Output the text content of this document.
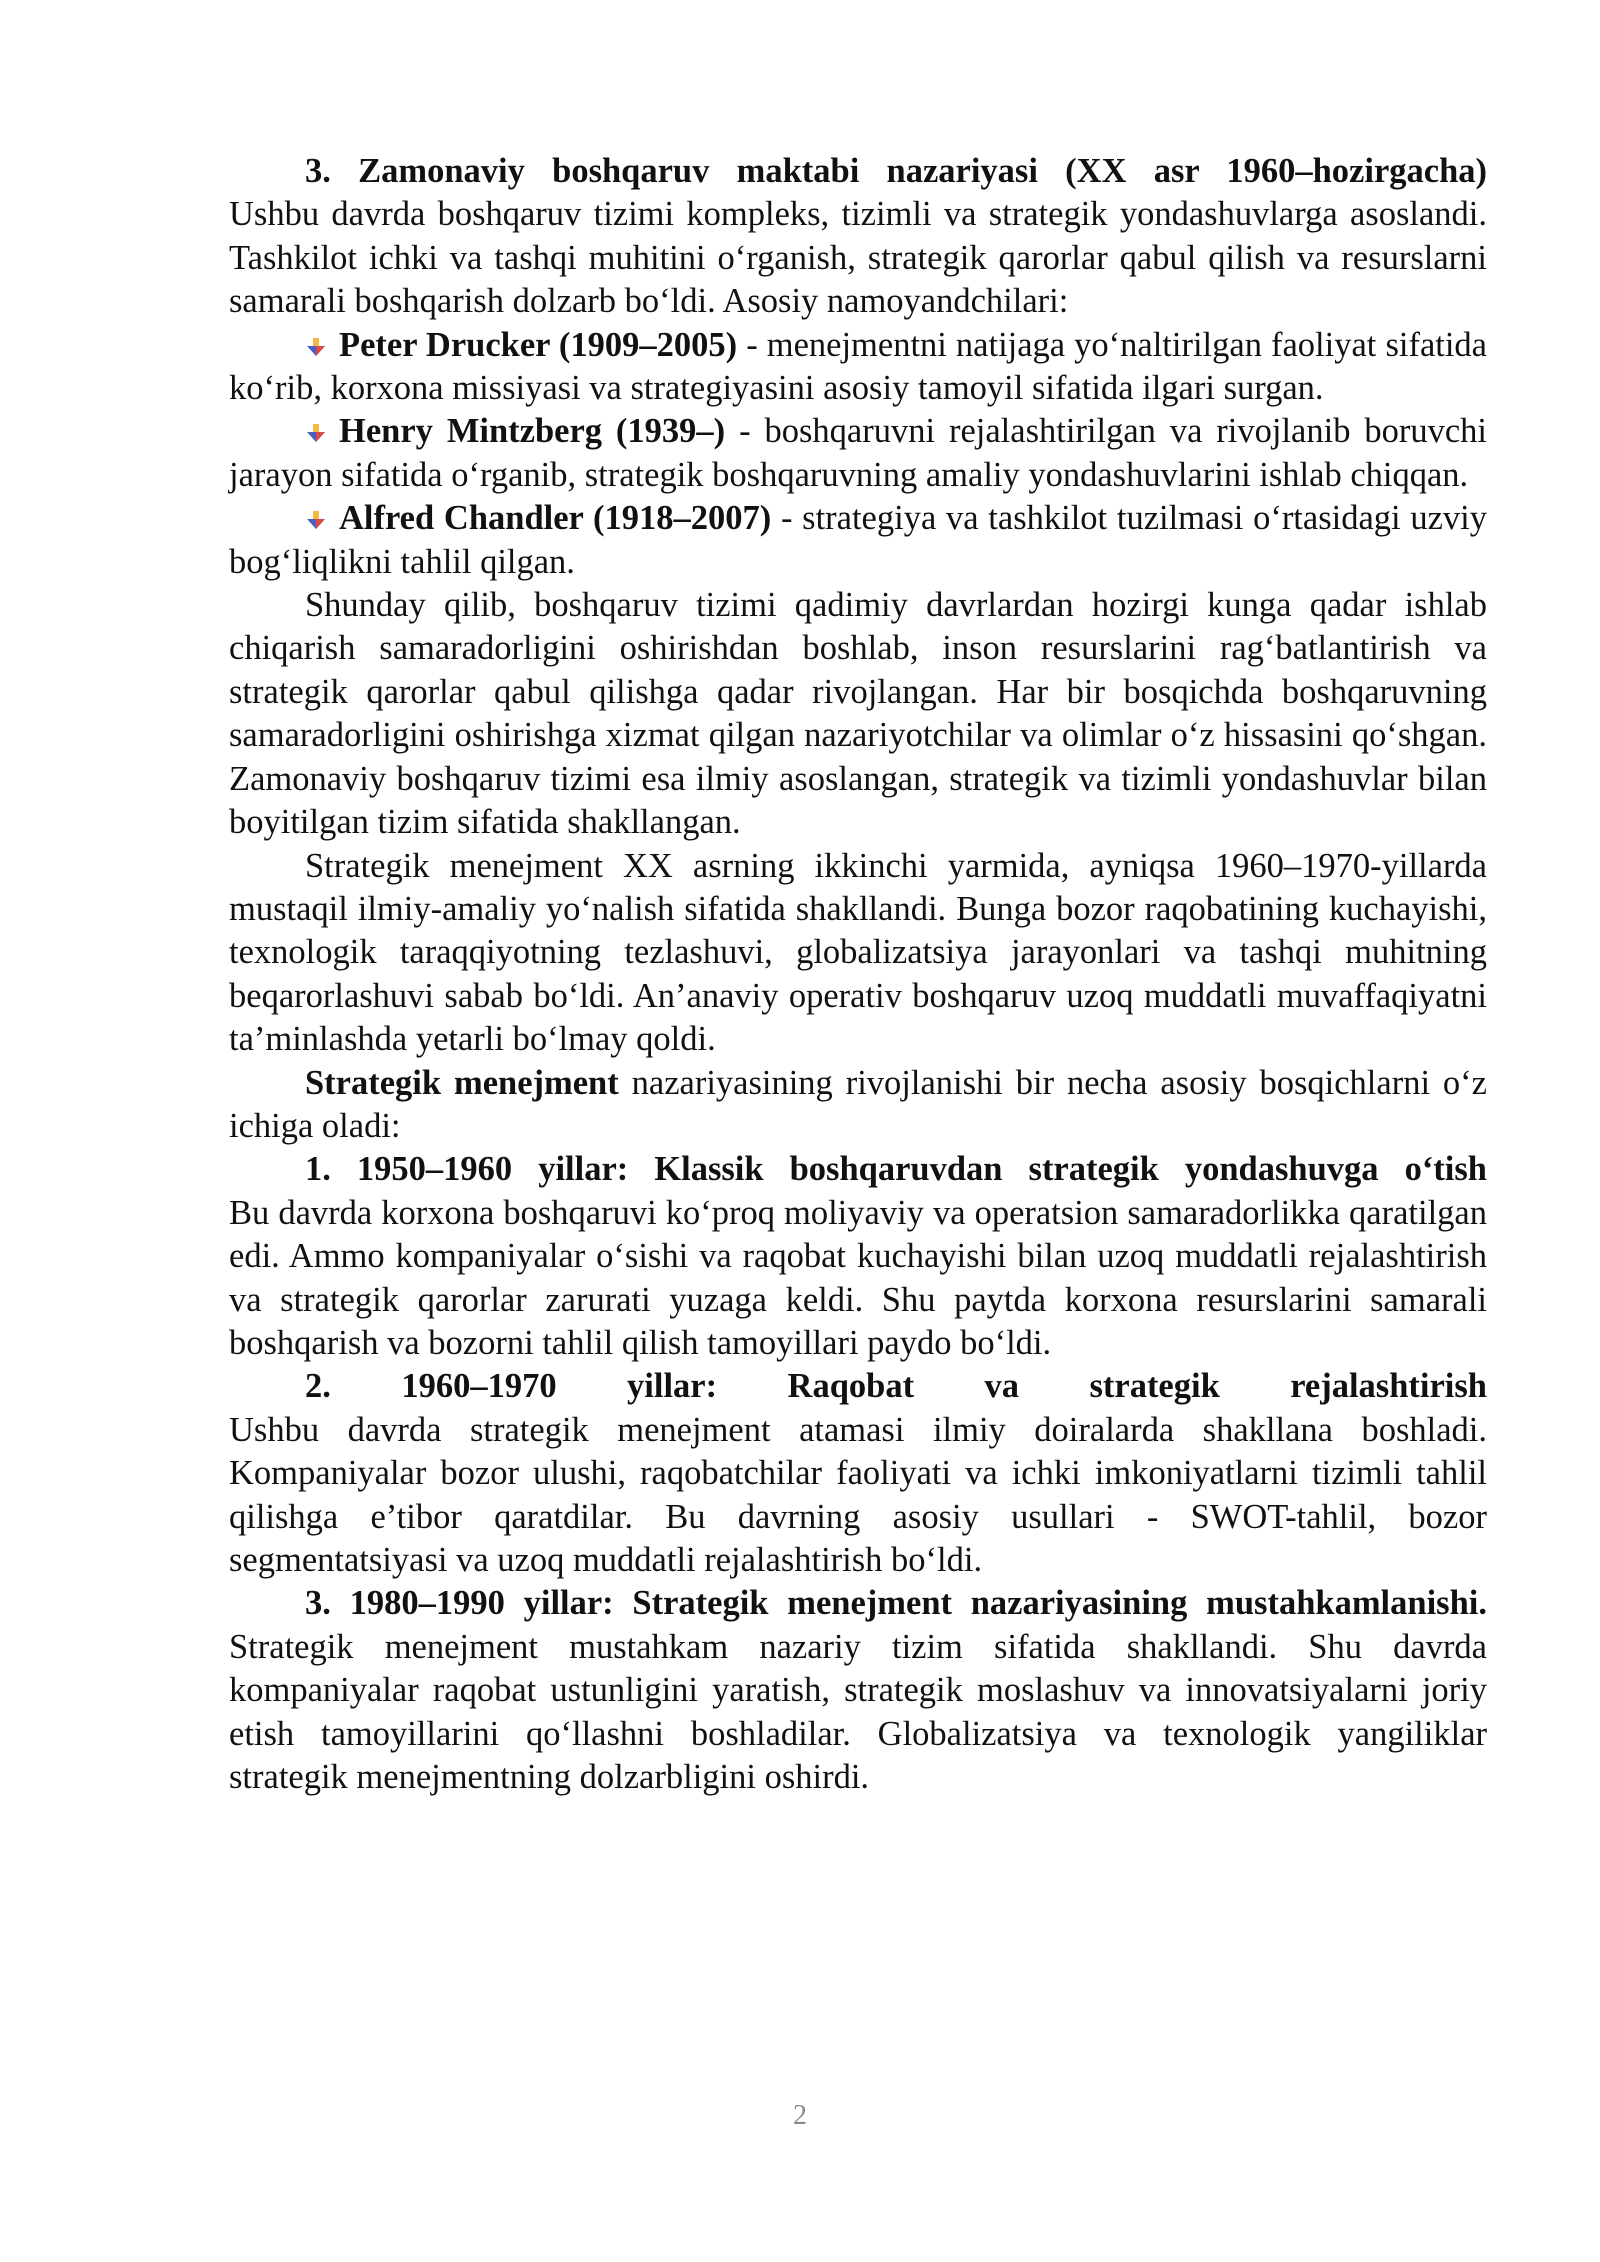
3. Zamonaviy boshqaruv maktabi nazariyasi (XX asr 1960–hozirgacha)

Ushbu davrda boshqaruv tizimi kompleks, tizimli va strategik yondashuvlarga asoslandi. Tashkilot ichki va tashqi muhitini o‘rganish, strategik qarorlar qabul qilish va resurslarni samarali boshqarish dolzarb bo‘ldi. Asosiy namoyandchilari:

Peter Drucker (1909–2005) - menejmentni natijaga yo‘naltirilgan faoliyat sifatida ko‘rib, korxona missiyasi va strategiyasini asosiy tamoyil sifatida ilgari surgan.

Henry Mintzberg (1939–) - boshqaruvni rejalashtirilgan va rivojlanib boruvchi jarayon sifatida o‘rganib, strategik boshqaruvning amaliy yondashuvlarini ishlab chiqqan.

Alfred Chandler (1918–2007) - strategiya va tashkilot tuzilmasi o‘rtasidagi uzviy bog‘liqlikni tahlil qilgan.

Shunday qilib, boshqaruv tizimi qadimiy davrlardan hozirgi kunga qadar ishlab chiqarish samaradorligini oshirishdan boshlab, inson resurslarini rag‘batlantirish va strategik qarorlar qabul qilishga qadar rivojlangan. Har bir bosqichda boshqaruvning samaradorligini oshirishga xizmat qilgan nazariyotchilar va olimlar o‘z hissasini qo‘shgan. Zamonaviy boshqaruv tizimi esa ilmiy asoslangan, strategik va tizimli yondashuvlar bilan boyitilgan tizim sifatida shakllangan.

Strategik menejment XX asrning ikkinchi yarmida, ayniqsa 1960–1970-yillarda mustaqil ilmiy-amaliy yo‘nalish sifatida shakllandi. Bunga bozor raqobatining kuchayishi, texnologik taraqqiyotning tezlashuvi, globalizatsiya jarayonlari va tashqi muhitning beqarorlashuvi sabab bo‘ldi. An’anaviy operativ boshqaruv uzoq muddatli muvaffaqiyatni ta’minlashda yetarli bo‘lmay qoldi.

Strategik menejment nazariyasining rivojlanishi bir necha asosiy bosqichlarni o‘z ichiga oladi:

1. 1950–1960 yillar: Klassik boshqaruvdan strategik yondashuvga o‘tish

Bu davrda korxona boshqaruvi ko‘proq moliyaviy va operatsion samaradorlikka qaratilgan edi. Ammo kompaniyalar o‘sishi va raqobat kuchayishi bilan uzoq muddatli rejalashtirish va strategik qarorlar zarurati yuzaga keldi. Shu paytda korxona resurslarini samarali boshqarish va bozorni tahlil qilish tamoyillari paydo bo‘ldi.

2. 1960–1970 yillar: Raqobat va strategik rejalashtirish

Ushbu davrda strategik menejment atamasi ilmiy doiralarda shakllana boshladi. Kompaniyalar bozor ulushi, raqobatchilar faoliyati va ichki imkoniyatlarni tizimli tahlil qilishga e’tibor qaratdilar. Bu davrning asosiy usullari - SWOT-tahlil, bozor segmentatsiyasi va uzoq muddatli rejalashtirish bo‘ldi.

3. 1980–1990 yillar: Strategik menejment nazariyasining mustahkamlanishi. Strategik menejment mustahkam nazariy tizim sifatida shakllandi. Shu davrda kompaniyalar raqobat ustunligini yaratish, strategik moslashuv va innovatsiyalarni joriy etish tamoyillarini qo‘llashni boshladilar. Globalizatsiya va texnologik yangiliklar strategik menejmentning dolzarbligini oshirdi.

2
